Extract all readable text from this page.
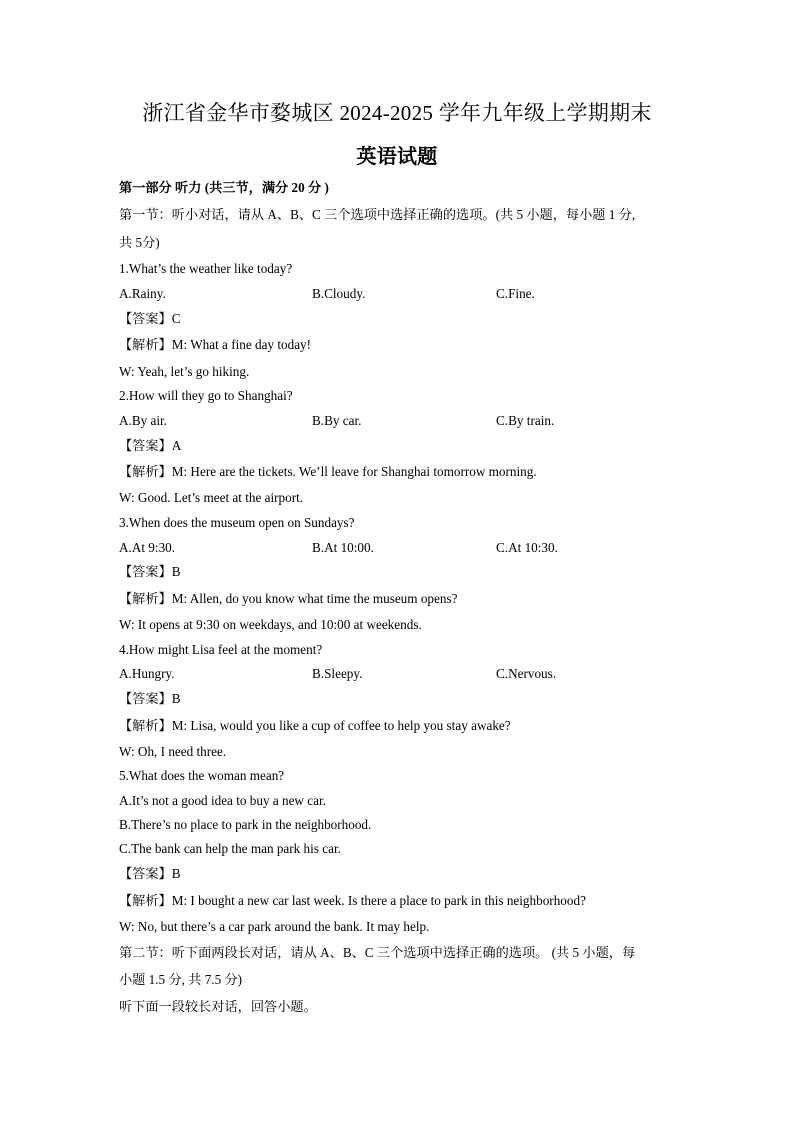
浙江省金华市婺城区 2024-2025 学年九年级上学期期末
英语试题
第一部分 听力 (共三节，满分 20 分 )
第一节：听小对话，请从 A、B、C 三个选项中选择正确的选项。(共 5 小题，每小题 1 分,
共 5分)
1.What’s the weather like today?
A.Rainy.	B.Cloudy.	C.Fine.
【答案】C
【解析】M: What a fine day today!
W: Yeah, let’s go hiking.
2.How will they go to Shanghai?
A.By air.	B.By car.	C.By train.
【答案】A
【解析】M: Here are the tickets. We’ll leave for Shanghai tomorrow morning.
W: Good. Let’s meet at the airport.
3.When does the museum open on Sundays?
A.At 9:30.	B.At 10:00.	C.At 10:30.
【答案】B
【解析】M: Allen, do you know what time the museum opens?
W: It opens at 9:30 on weekdays, and 10:00 at weekends.
4.How might Lisa feel at the moment?
A.Hungry.	B.Sleepy.	C.Nervous.
【答案】B
【解析】M: Lisa, would you like a cup of coffee to help you stay awake?
W: Oh, I need three.
5.What does the woman mean?
A.It’s not a good idea to buy a new car.
B.There’s no place to park in the neighborhood.
C.The bank can help the man park his car.
【答案】B
【解析】M: I bought a new car last week. Is there a place to park in this neighborhood?
W: No, but there’s a car park around the bank. It may help.
第二节：听下面两段长对话，请从 A、B、C 三个选项中选择正确的选项。 (共 5 小题，每
小题 1.5 分, 共 7.5 分)
听下面一段较长对话，回答小题。
